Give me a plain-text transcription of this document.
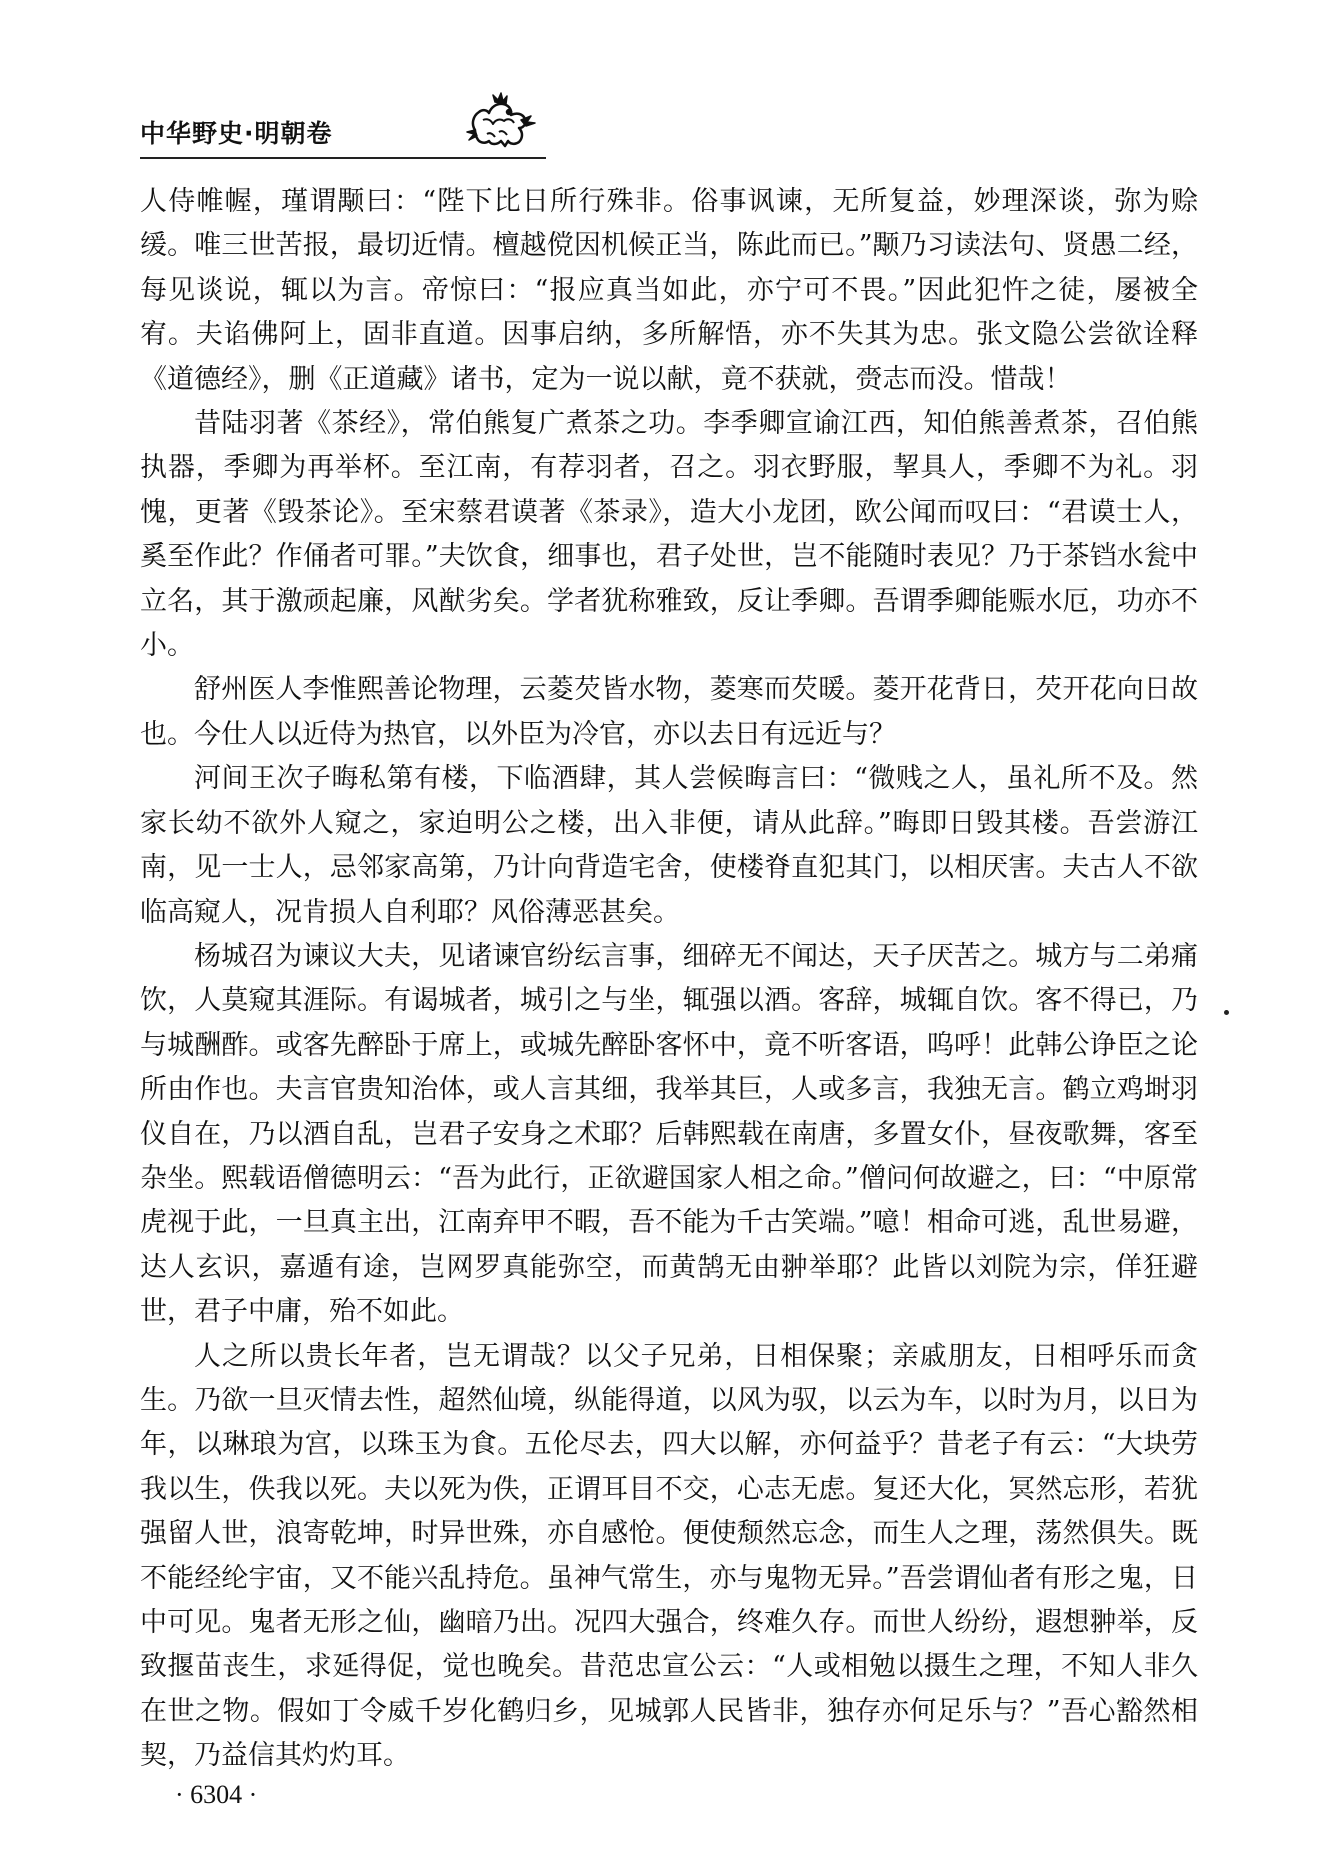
中华野史·明朝卷

人侍帷幄，瑾谓颙曰：“陛下比日所行殊非。俗事讽谏，无所复益，妙理深谈，弥为赊缓。唯三世苦报，最切近情。檀越傥因机候正当，陈此而已。”颙乃习读法句、贤愚二经，每见谈说，辄以为言。帝惊曰：“报应真当如此，亦宁可不畏。”因此犯忤之徒，屡被全宥。夫谄佛阿上，固非直道。因事启纳，多所解悟，亦不失其为忠。张文隐公尝欲诠释《道德经》，删《正道藏》诸书，定为一说以献，竟不获就，赍志而没。惜哉！

昔陆羽著《茶经》，常伯熊复广煮茶之功。李季卿宣谕江西，知伯熊善煮茶，召伯熊执器，季卿为再举杯。至江南，有荐羽者，召之。羽衣野服，挈具人，季卿不为礼。羽愧，更著《毁茶论》。至宋蔡君谟著《茶录》，造大小龙团，欧公闻而叹曰：“君谟士人，奚至作此？作俑者可罪。”夫饮食，细事也，君子处世，岂不能随时表见？乃于茶铛水瓮中立名，其于激顽起廉，风猷劣矣。学者犹称雅致，反让季卿。吾谓季卿能赈水厄，功亦不小。

舒州医人李惟熙善论物理，云菱芡皆水物，菱寒而芡暖。菱开花背日，芡开花向日故也。今仕人以近侍为热官，以外臣为冷官，亦以去日有远近与？

河间王次子晦私第有楼，下临酒肆，其人尝候晦言曰：“微贱之人，虽礼所不及。然家长幼不欲外人窥之，家迫明公之楼，出入非便，请从此辞。”晦即日毁其楼。吾尝游江南，见一士人，忌邻家高第，乃计向背造宅舍，使楼脊直犯其门，以相厌害。夫古人不欲临高窥人，况肯损人自利耶？风俗薄恶甚矣。

杨城召为谏议大夫，见诸谏官纷纭言事，细碎无不闻达，天子厌苦之。城方与二弟痛饮，人莫窥其涯际。有谒城者，城引之与坐，辄强以酒。客辞，城辄自饮。客不得已，乃与城酬酢。或客先醉卧于席上，或城先醉卧客怀中，竟不听客语，呜呼！此韩公诤臣之论所由作也。夫言官贵知治体，或人言其细，我举其巨，人或多言，我独无言。鹤立鸡埘羽仪自在，乃以酒自乱，岂君子安身之术耶？后韩熙载在南唐，多置女仆，昼夜歌舞，客至杂坐。熙载语僧德明云：“吾为此行，正欲避国家人相之命。”僧问何故避之，曰：“中原常虎视于此，一旦真主出，江南弃甲不暇，吾不能为千古笑端。”噫！相命可逃，乱世易避，达人玄识，嘉遁有途，岂网罗真能弥空，而黄鹄无由翀举耶？此皆以刘院为宗，佯狂避世，君子中庸，殆不如此。

人之所以贵长年者，岂无谓哉？以父子兄弟，日相保聚；亲戚朋友，日相呼乐而贪生。乃欲一旦灭情去性，超然仙境，纵能得道，以风为驭，以云为车，以时为月，以日为年，以琳琅为宫，以珠玉为食。五伦尽去，四大以解，亦何益乎？昔老子有云：“大块劳我以生，佚我以死。夫以死为佚，正谓耳目不交，心志无虑。复还大化，冥然忘形，若犹强留人世，浪寄乾坤，时异世殊，亦自感怆。便使颓然忘念，而生人之理，荡然俱失。既不能经纶宇宙，又不能兴乱持危。虽神气常生，亦与鬼物无异。”吾尝谓仙者有形之鬼，日中可见。鬼者无形之仙，幽暗乃出。况四大强合，终难久存。而世人纷纷，遐想翀举，反致揠苗丧生，求延得促，觉也晚矣。昔范忠宣公云：“人或相勉以摄生之理，不知人非久在世之物。假如丁令威千岁化鹤归乡，见城郭人民皆非，独存亦何足乐与？”吾心豁然相契，乃益信其灼灼耳。

· 6304 ·
